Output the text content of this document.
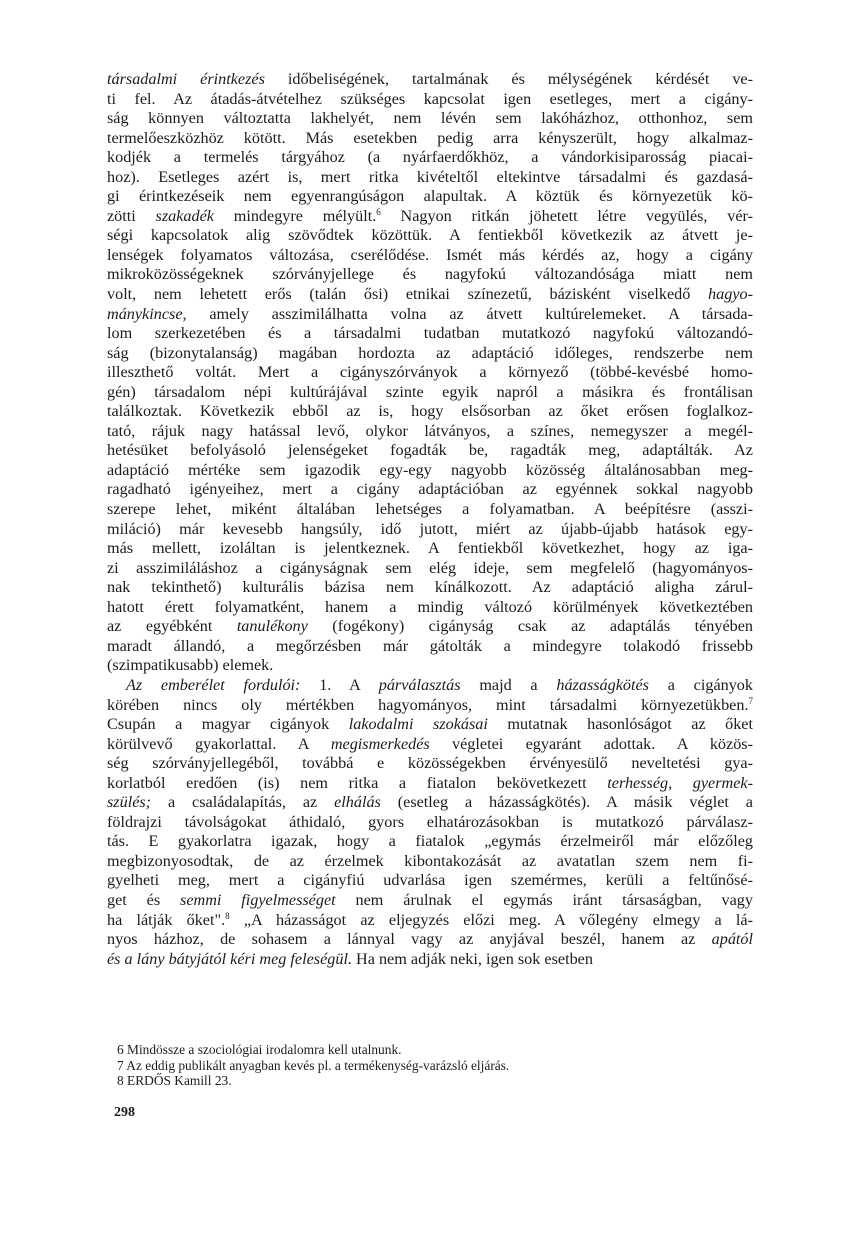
társadalmi érintkezés időbeliségének, tartalmának és mélységének kérdését ve-
ti fel. Az átadás-átvételhez szükséges kapcsolat igen esetleges, mert a cigány-
ság könnyen változtatta lakhelyét, nem lévén sem lakóházhoz, otthonhoz, sem
termelőeszközhöz kötött. Más esetekben pedig arra kényszerült, hogy alkalmaz-
kodjék a termelés tárgyához (a nyárfaerdőkhöz, a vándorkisiparosság piacai-
hoz). Esetleges azért is, mert ritka kivételtől eltekintve társadalmi és gazdasá-
gi érintkezéseik nem egyenrangúságon alapultak. A köztük és környezetük kö-
zötti szakadék mindegyre mélyült.$^6$ Nagyon ritkán jöhetett létre vegyülés, vér-
ségi kapcsolatok alig szövődtek közöttük. A fentiekből következik az átvett je-
lenségek folyamatos változása, cserélődése. Ismét más kérdés az, hogy a cigány
mikroközösségeknek szórványjellege és nagyfokú változandósága miatt nem
volt, nem lehetett erős (talán ősi) etnikai színezetű, bázisként viselkedő hagyo-
mánykincse, amely asszimilálhatta volna az átvett kultúrelemeket. A társada-
lom szerkezetében és a társadalmi tudatban mutatkozó nagyfokú változandó-
ság (bizonytalanság) magában hordozta az adaptáció időleges, rendszerbe nem
illeszthető voltát. Mert a cigányszórványok a környező (többé-kevésbé homo-
gén) társadalom népi kultúrájával szinte egyik napról a másikra és frontálisan
találkoztak. Következik ebből az is, hogy elsősorban az őket erősen foglalkoz-
tató, rájuk nagy hatással levő, olykor látványos, a színes, nemegyszer a megél-
hetésüket befolyásoló jelenségeket fogadták be, ragadták meg, adaptálták. Az
adaptáció mértéke sem igazodik egy-egy nagyobb közösség általánosabban meg-
ragadható igényeihez, mert a cigány adaptációban az egyénnek sokkal nagyobb
szerepe lehet, miként általában lehetséges a folyamatban. A beépítésre (asszi-
miláció) már kevesebb hangsúly, idő jutott, miért az újabb-újabb hatások egy-
más mellett, izoláltan is jelentkeznek. A fentiekből következhet, hogy az iga-
zi asszimiláláshoz a cigányságnak sem elég ideje, sem megfelelő (hagyományos-
nak tekinthető) kulturális bázisa nem kínálkozott. Az adaptáció aligha zárul-
hatott érett folyamatként, hanem a mindig változó körülmények következtében
az egyébként tanulékony (fogékony) cigányság csak az adaptálás tényében
maradt állandó, a megőrzésben már gátolták a mindegyre tolakodó frissebb
(szimpatikusabb) elemek.

Az emberélet fordulói: 1. A párválasztás majd a házasságkötés a cigányok
körében nincs oly mértékben hagyományos, mint társadalmi környezetükben.$^7$
Csupán a magyar cigányok lakodalmi szokásai mutatnak hasonlóságot az őket
körülvevő gyakorlattal. A megismerkedés végletei egyaránt adottak. A közös-
ség szórványjellegéből, továbbá e közösségekben érvényesülő neveltetési gya-
korlatból eredően (is) nem ritka a fiatalon bekövetkezett terhesség, gyermek-
szülés; a családalapítás, az elhálás (esetleg a házasságkötés). A másik véglet a
földrajzi távolságokat áthidaló, gyors elhatározásokban is mutatkozó párválasz-
tás. E gyakorlatra igazak, hogy a fiatalok „egymás érzelmeiről már előzőleg
megbizonyosodtak, de az érzelmek kibontakozását az avatatlan szem nem fi-
gyelheti meg, mert a cigányfiú udvarlása igen szemérmes, kerüli a feltűnősé-
get és semmi figyelmességet nem árulnak el egymás iránt társaságban, vagy
ha látják őket".$^8$ „A házasságot az eljegyzés előzi meg. A vőlegény elmegy a lá-
nyos házhoz, de sohasem a lánnyal vagy az anyjával beszél, hanem az apától
és a lány bátyjától kéri meg feleségül. Ha nem adják neki, igen sok esetben

6 Mindössze a szociológiai irodalomra kell utalnunk.
7 Az eddig publikált anyagban kevés pl. a termékenység-varázsló eljárás.
8 ERDŐS Kamill 23.
298
